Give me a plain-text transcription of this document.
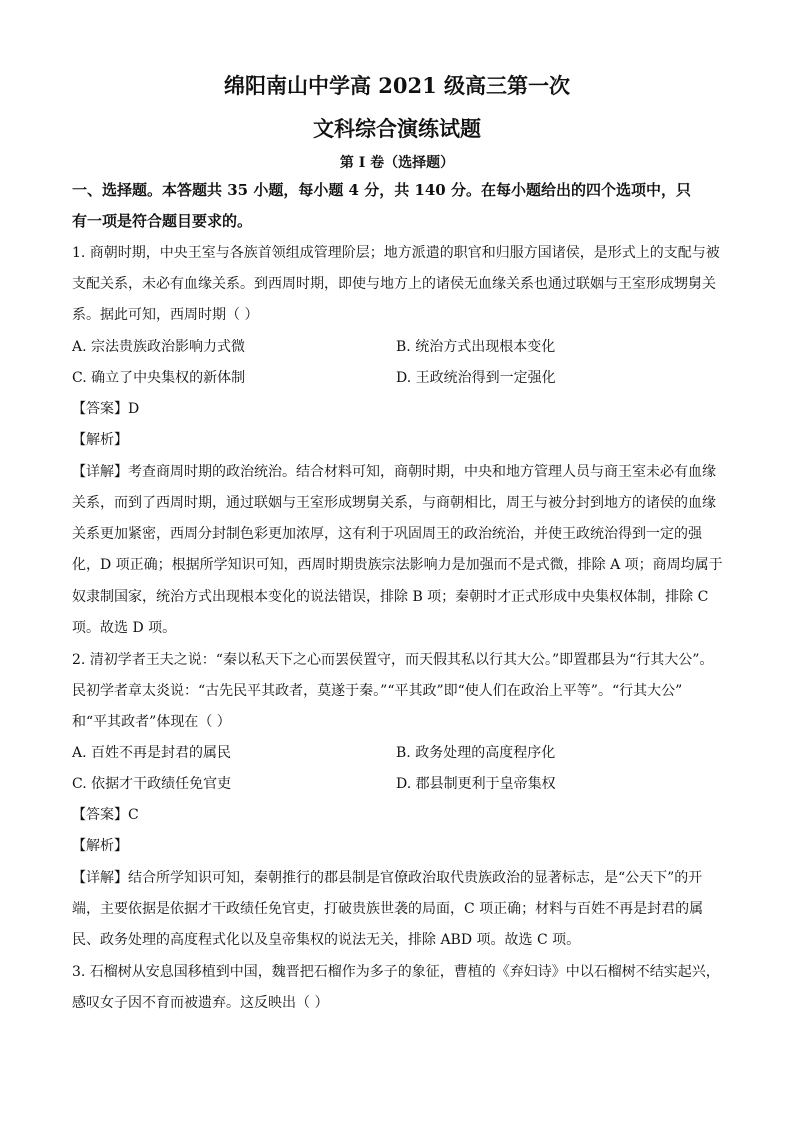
绵阳南山中学高 2021 级高三第一次
文科综合演练试题
第 I 卷（选择题）
一、选择题。本答题共 35 小题，每小题 4 分，共 140 分。在每小题给出的四个选项中，只
有一项是符合题目要求的。
1. 商朝时期，中央王室与各族首领组成管理阶层；地方派遣的职官和归服方国诸侯，是形式上的支配与被
支配关系，未必有血缘关系。到西周时期，即使与地方上的诸侯无血缘关系也通过联姻与王室形成甥舅关
系。据此可知，西周时期（ ）
A. 宗法贵族政治影响力式微	B. 统治方式出现根本变化
C. 确立了中央集权的新体制	D. 王政统治得到一定强化
【答案】D
【解析】
【详解】考查商周时期的政治统治。结合材料可知，商朝时期，中央和地方管理人员与商王室未必有血缘
关系，而到了西周时期，通过联姻与王室形成甥舅关系，与商朝相比，周王与被分封到地方的诸侯的血缘
关系更加紧密，西周分封制色彩更加浓厚，这有利于巩固周王的政治统治，并使王政统治得到一定的强
化，D 项正确；根据所学知识可知，西周时期贵族宗法影响力是加强而不是式微，排除 A 项；商周均属于
奴隶制国家，统治方式出现根本变化的说法错误，排除 B 项；秦朝时才正式形成中央集权体制，排除 C
项。故选 D 项。
2. 清初学者王夫之说：“秦以私天下之心而罢侯置守，而天假其私以行其大公。”即置郡县为“行其大公”。
民初学者章太炎说：“古先民平其政者，莫遂于秦。”“平其政”即“使人们在政治上平等”。“行其大公”
和“平其政者”体现在（ ）
A. 百姓不再是封君的属民	B. 政务处理的高度程序化
C. 依据才干政绩任免官吏	D. 郡县制更利于皇帝集权
【答案】C
【解析】
【详解】结合所学知识可知，秦朝推行的郡县制是官僚政治取代贵族政治的显著标志，是“公天下”的开
端，主要依据是依据才干政绩任免官吏，打破贵族世袭的局面，C 项正确；材料与百姓不再是封君的属
民、政务处理的高度程式化以及皇帝集权的说法无关，排除 ABD 项。故选 C 项。
3. 石榴树从安息国移植到中国，魏晋把石榴作为多子的象征，曹植的《弃妇诗》中以石榴树不结实起兴，
感叹女子因不育而被遗弃。这反映出（ ）
